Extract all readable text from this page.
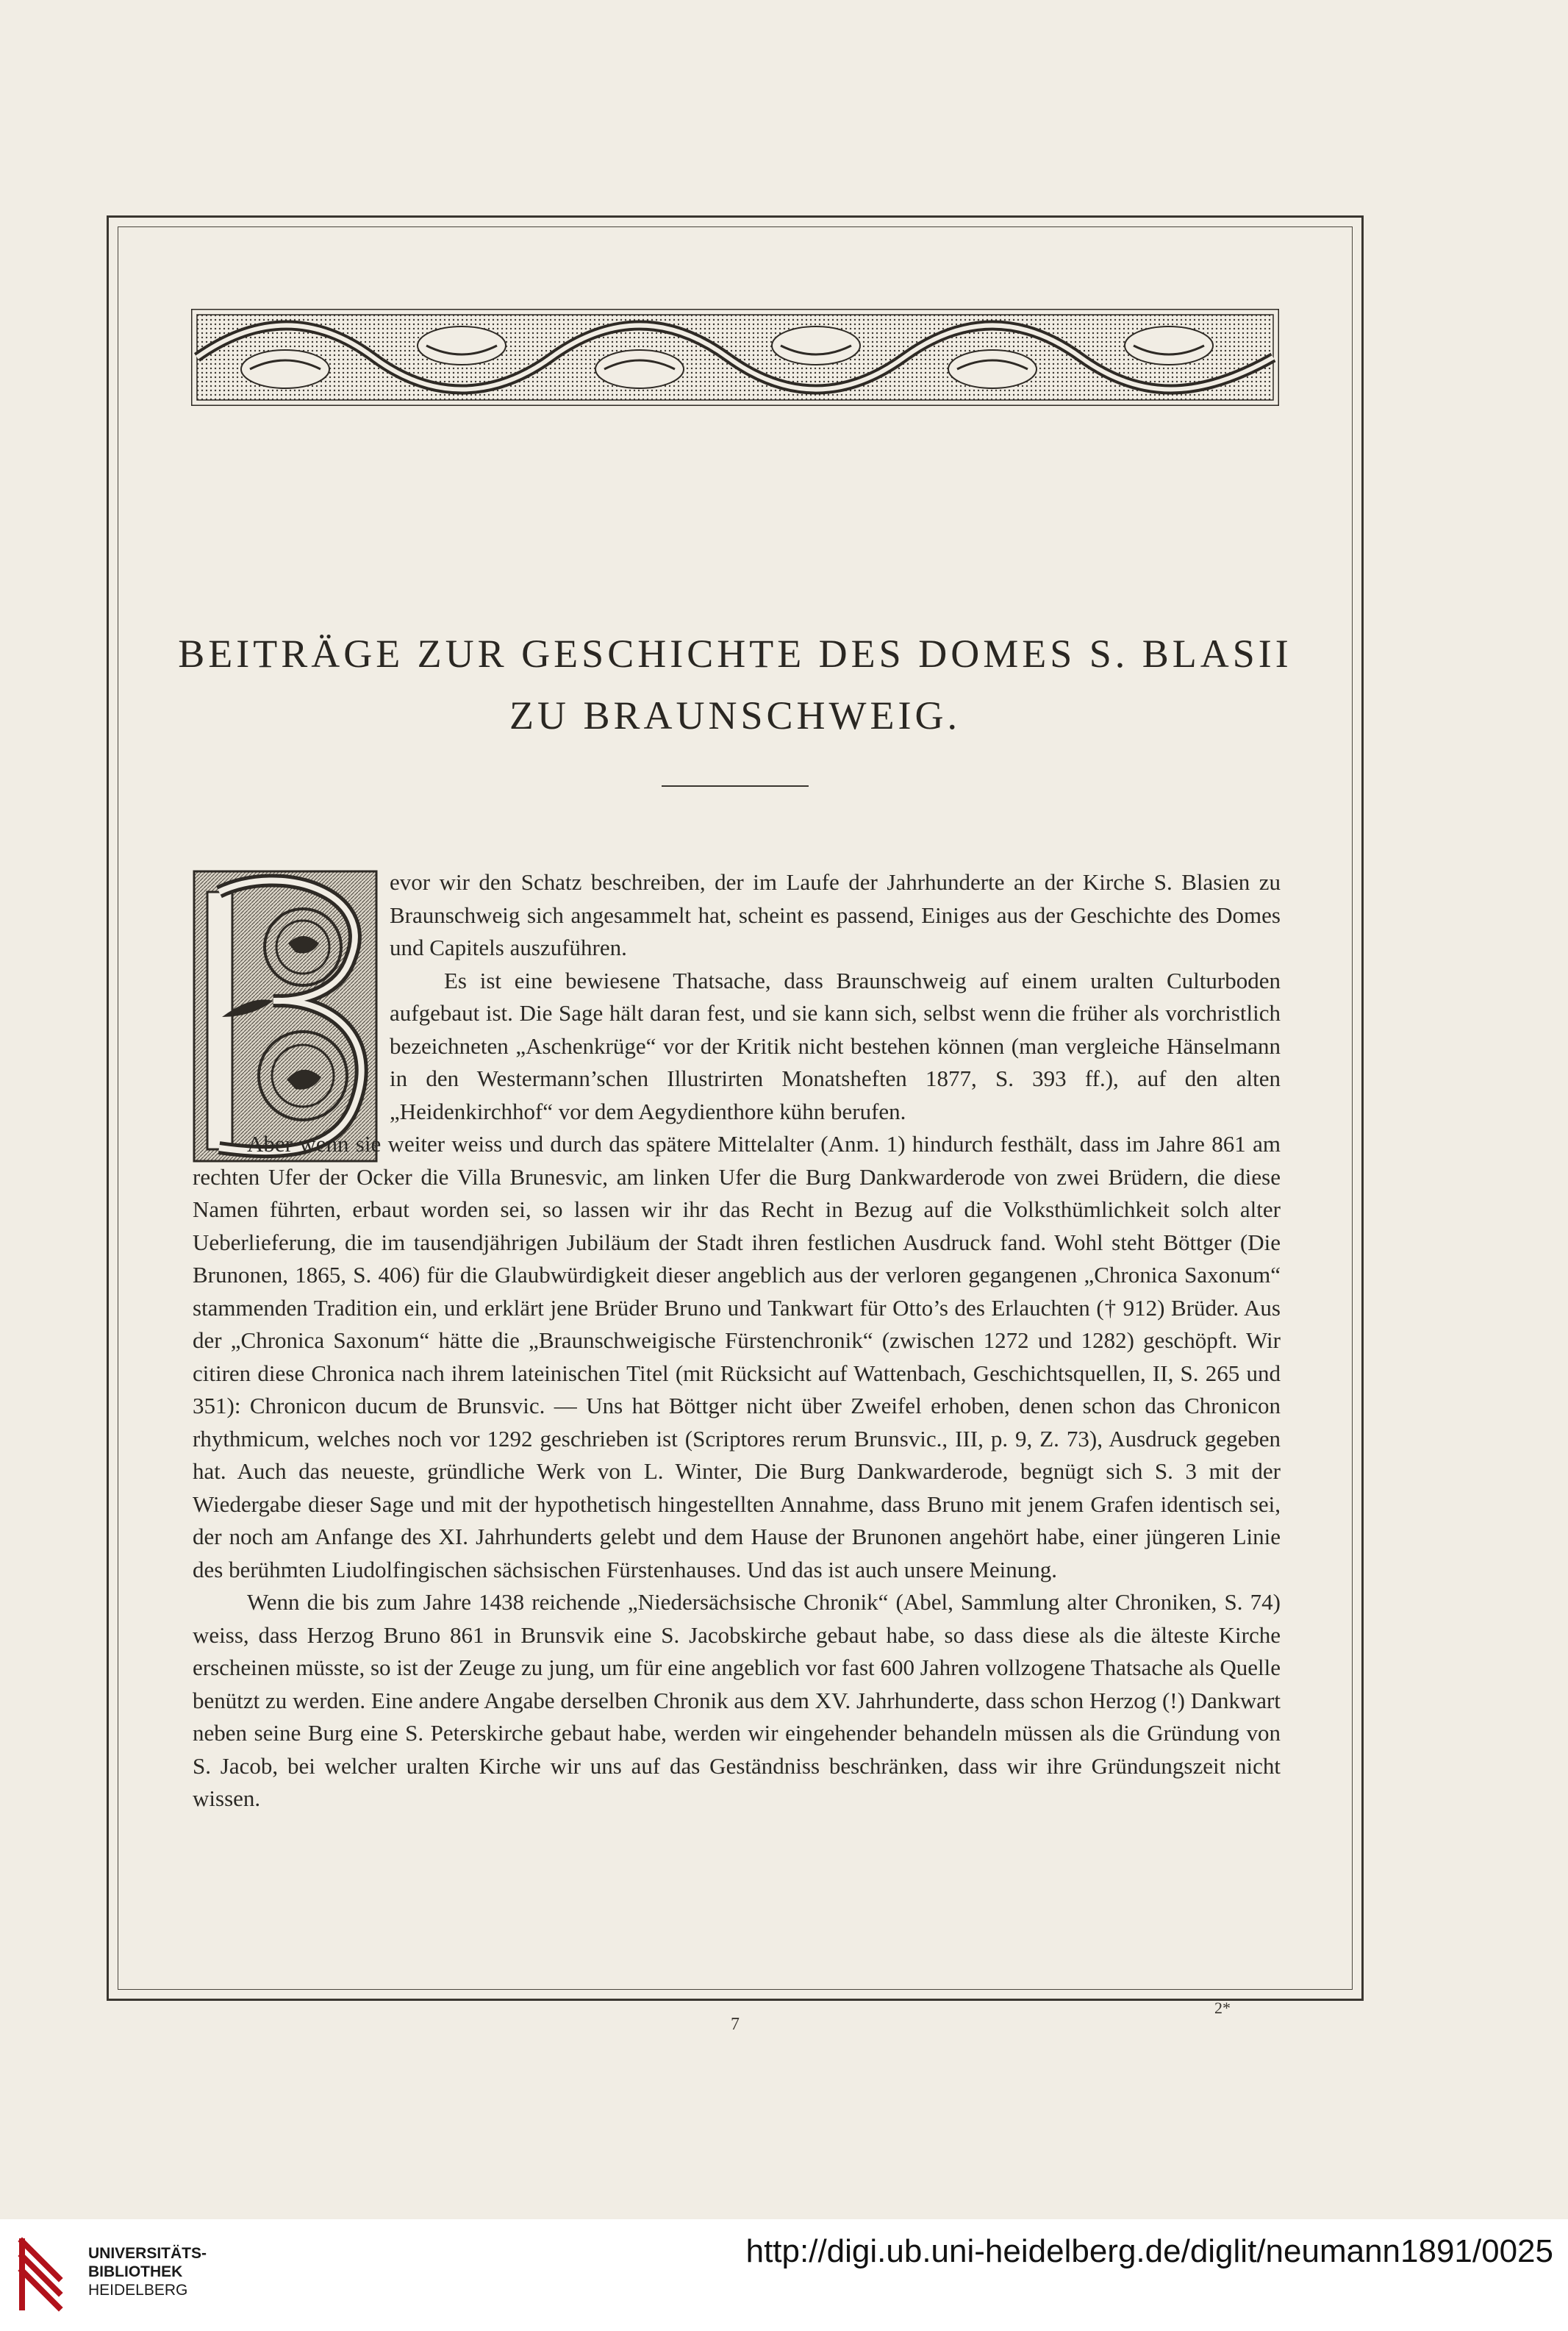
BEITRÄGE ZUR GESCHICHTE DES DOMES S. BLASII
ZU BRAUNSCHWEIG.

evor wir den Schatz beschreiben, der im Laufe der Jahrhunderte an der Kirche S. Blasien zu Braunschweig sich angesammelt hat, scheint es passend, Einiges aus der Geschichte des Domes und Capitels auszuführen.

Es ist eine bewiesene Thatsache, dass Braunschweig auf einem uralten Culturboden aufgebaut ist. Die Sage hält daran fest, und sie kann sich, selbst wenn die früher als vorchristlich bezeichneten „Aschenkrüge“ vor der Kritik nicht bestehen können (man vergleiche Hänselmann in den Westermann’schen Illustrirten Monatsheften 1877, S. 393 ff.), auf den alten „Heidenkirchhof“ vor dem Aegydienthore kühn berufen.

Aber wenn sie weiter weiss und durch das spätere Mittelalter (Anm. 1) hindurch festhält, dass im Jahre 861 am rechten Ufer der Ocker die Villa Brunesvic, am linken Ufer die Burg Dankwarderode von zwei Brüdern, die diese Namen führten, erbaut worden sei, so lassen wir ihr das Recht in Bezug auf die Volksthümlichkeit solch alter Ueberlieferung, die im tausendjährigen Jubiläum der Stadt ihren festlichen Ausdruck fand. Wohl steht Böttger (Die Brunonen, 1865, S. 406) für die Glaubwürdigkeit dieser angeblich aus der verloren gegangenen „Chronica Saxonum“ stammenden Tradition ein, und erklärt jene Brüder Bruno und Tankwart für Otto’s des Erlauchten († 912) Brüder. Aus der „Chronica Saxonum“ hätte die „Braunschweigische Fürstenchronik“ (zwischen 1272 und 1282) geschöpft. Wir citiren diese Chronica nach ihrem lateinischen Titel (mit Rücksicht auf Wattenbach, Geschichtsquellen, II, S. 265 und 351): Chronicon ducum de Brunsvic. — Uns hat Böttger nicht über Zweifel erhoben, denen schon das Chronicon rhythmicum, welches noch vor 1292 geschrieben ist (Scriptores rerum Brunsvic., III, p. 9, Z. 73), Ausdruck gegeben hat. Auch das neueste, gründliche Werk von L. Winter, Die Burg Dankwarderode, begnügt sich S. 3 mit der Wiedergabe dieser Sage und mit der hypothetisch hingestellten Annahme, dass Bruno mit jenem Grafen identisch sei, der noch am Anfange des XI. Jahrhunderts gelebt und dem Hause der Brunonen angehört habe, einer jüngeren Linie des berühmten Liudolfingischen sächsischen Fürstenhauses. Und das ist auch unsere Meinung.

Wenn die bis zum Jahre 1438 reichende „Niedersächsische Chronik“ (Abel, Sammlung alter Chroniken, S. 74) weiss, dass Herzog Bruno 861 in Brunsvik eine S. Jacobskirche gebaut habe, so dass diese als die älteste Kirche erscheinen müsste, so ist der Zeuge zu jung, um für eine angeblich vor fast 600 Jahren vollzogene Thatsache als Quelle benützt zu werden. Eine andere Angabe derselben Chronik aus dem XV. Jahrhunderte, dass schon Herzog (!) Dankwart neben seine Burg eine S. Peterskirche gebaut habe, werden wir eingehender behandeln müssen als die Gründung von S. Jacob, bei welcher uralten Kirche wir uns auf das Geständniss beschränken, dass wir ihre Gründungszeit nicht wissen.

7
2*
UNIVERSITÄTS-
BIBLIOTHEK
HEIDELBERG
http://digi.ub.uni-heidelberg.de/diglit/neumann1891/0025
